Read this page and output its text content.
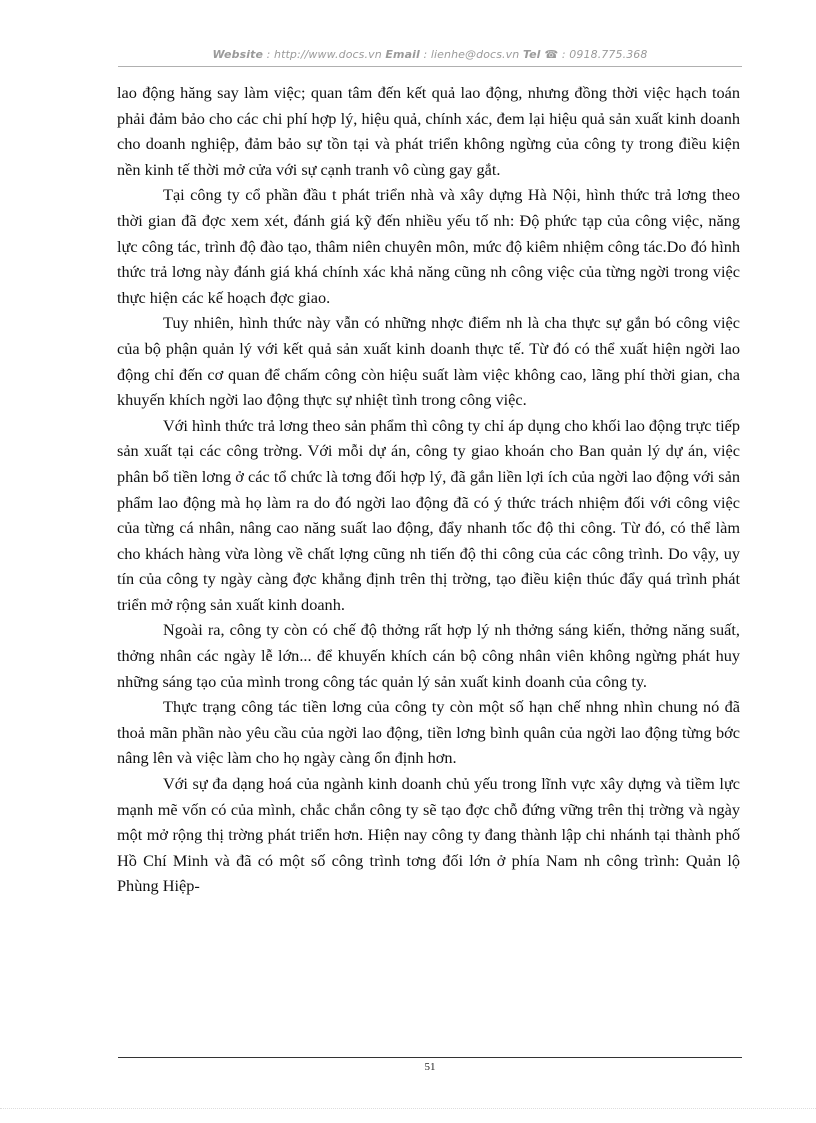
Website : http://www.docs.vn Email : lienhe@docs.vn Tel ☎ : 0918.775.368

lao động hăng say làm việc; quan tâm đến kết quả lao động, nhưng đồng thời việc hạch toán phải đảm bảo cho các chi phí hợp lý, hiệu quả, chính xác, đem lại hiệu quả sản xuất kinh doanh cho doanh nghiệp, đảm bảo sự tồn tại và phát triển không ngừng của công ty trong điều kiện nền kinh tế thời mở cửa với sự cạnh tranh vô cùng gay gắt.

Tại công ty cổ phần đầu t phát triển nhà và xây dựng Hà Nội, hình thức trả lơng theo thời gian đã đợc xem xét, đánh giá kỹ đến nhiều yếu tố nh: Độ phức tạp của công việc, năng lực công tác, trình độ đào tạo, thâm niên chuyên môn, mức độ kiêm nhiệm công tác.Do đó hình thức trả lơng này đánh giá khá chính xác khả năng cũng nh công việc của từng ngời trong việc thực hiện các kế hoạch đợc giao.

Tuy nhiên, hình thức này vẫn có những nhợc điểm nh là cha thực sự gắn bó công việc của bộ phận quản lý với kết quả sản xuất kinh doanh thực tế. Từ đó có thể xuất hiện ngời lao động chỉ đến cơ quan để chấm công còn hiệu suất làm việc không cao, lãng phí thời gian, cha khuyến khích ngời lao động thực sự nhiệt tình trong công việc.

Với hình thức trả lơng theo sản phẩm thì công ty chỉ áp dụng cho khối lao động trực tiếp sản xuất tại các công trờng. Với mỗi dự án, công ty giao khoán cho Ban quản lý dự án, việc phân bổ tiền lơng ở các tổ chức là tơng đối hợp lý, đã gắn liền lợi ích của ngời lao động với sản phẩm lao động mà họ làm ra do đó ngời lao động đã có ý thức trách nhiệm đối với công việc của từng cá nhân, nâng cao năng suất lao động, đẩy nhanh tốc độ thi công. Từ đó, có thể làm cho khách hàng vừa lòng về chất lợng cũng nh tiến độ thi công của các công trình. Do vậy, uy tín của công ty ngày càng đợc khẳng định trên thị trờng, tạo điều kiện thúc đẩy quá trình phát triển mở rộng sản xuất kinh doanh.

Ngoài ra, công ty còn có chế độ thởng rất hợp lý nh thởng sáng kiến, thởng năng suất, thởng nhân các ngày lễ lớn... để khuyến khích cán bộ công nhân viên không ngừng phát huy những sáng tạo của mình trong công tác quản lý sản xuất kinh doanh của công ty.

Thực trạng công tác tiền lơng của công ty còn một số hạn chế nhng nhìn chung nó đã thoả mãn phần nào yêu cầu của ngời lao động, tiền lơng bình quân của ngời lao động từng bớc nâng lên và việc làm cho họ ngày càng ổn định hơn.

Với sự đa dạng hoá của ngành kinh doanh chủ yếu trong lĩnh vực xây dựng và tiềm lực mạnh mẽ vốn có của mình, chắc chắn công ty sẽ tạo đợc chỗ đứng vững trên thị trờng và ngày một mở rộng thị trờng phát triển hơn. Hiện nay công ty đang thành lập chi nhánh tại thành phố Hồ Chí Minh và đã có một số công trình tơng đối lớn ở phía Nam nh công trình: Quản lộ Phùng Hiệp-

51
